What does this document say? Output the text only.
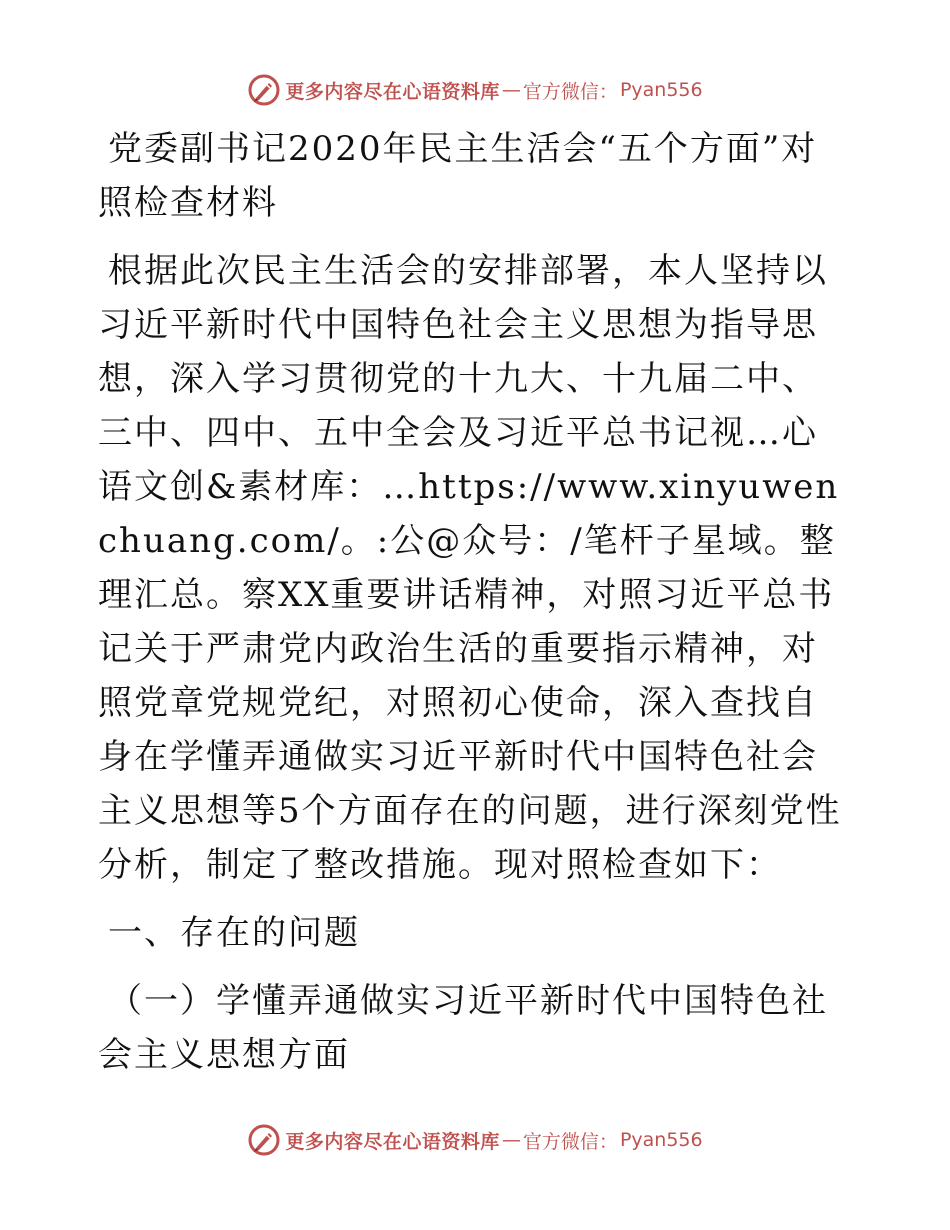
更多内容尽在心语资料库 — 官方微信： Pyan556

党委副书记2020年民主生活会“五个方面”对照检查材料

根据此次民主生活会的安排部署，本人坚持以习近平新时代中国特色社会主义思想为指导思想，深入学习贯彻党的十九大、十九届二中、三中、四中、五中全会及习近平总书记视…心语文创&素材库：…https://www.xinyuwenchuang.com/。:公@众号：/笔杆子星域。整理汇总。察XX重要讲话精神，对照习近平总书记关于严肃党内政治生活的重要指示精神，对照党章党规党纪，对照初心使命，深入查找自身在学懂弄通做实习近平新时代中国特色社会主义思想等5个方面存在的问题，进行深刻党性分析，制定了整改措施。现对照检查如下：

一、存在的问题

（一）学懂弄通做实习近平新时代中国特色社会主义思想方面

更多内容尽在心语资料库 — 官方微信： Pyan556
